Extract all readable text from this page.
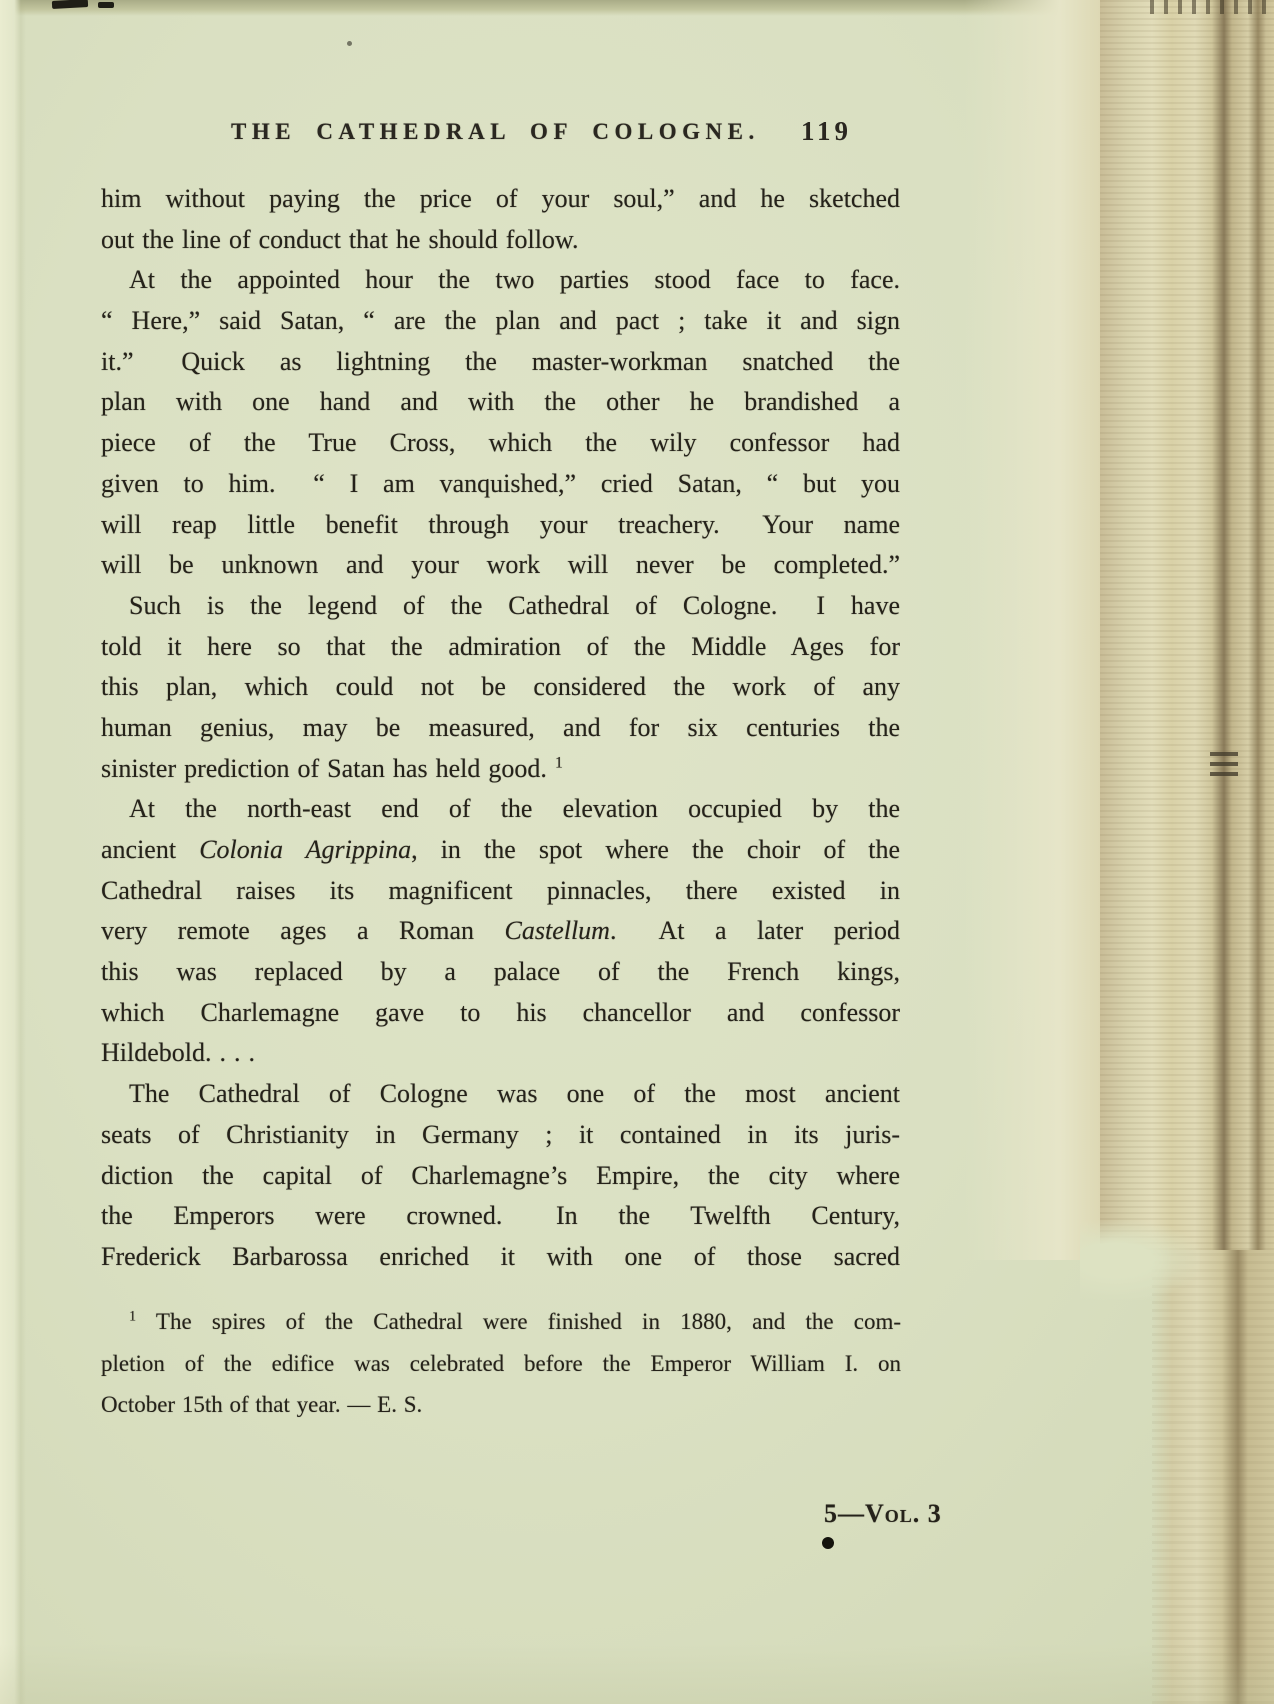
THE CATHEDRAL OF COLOGNE. 119
him without paying the price of your soul,” and he sketched
out the line of conduct that he should follow.
At the appointed hour the two parties stood face to face.
“ Here,” said Satan, “ are the plan and pact ; take it and sign
it.”  Quick as lightning the master-workman snatched the
plan with one hand and with the other he brandished a
piece of the True Cross, which the wily confessor had
given to him.  “ I am vanquished,” cried Satan, “ but you
will reap little benefit through your treachery.  Your name
will be unknown and your work will never be completed.”
Such is the legend of the Cathedral of Cologne.  I have
told it here so that the admiration of the Middle Ages for
this plan, which could not be considered the work of any
human genius, may be measured, and for six centuries the
sinister prediction of Satan has held good. $^1$
At the north-east end of the elevation occupied by the
ancient Colonia Agrippina, in the spot where the choir of the
Cathedral raises its magnificent pinnacles, there existed in
very remote ages a Roman Castellum.  At a later period
this was replaced by a palace of the French kings,
which Charlemagne gave to his chancellor and confessor
Hildebold. . . .
The Cathedral of Cologne was one of the most ancient
seats of Christianity in Germany ; it contained in its juris-
diction the capital of Charlemagne’s Empire, the city where
the Emperors were crowned.  In the Twelfth Century,
Frederick Barbarossa enriched it with one of those sacred
$^1$ The spires of the Cathedral were finished in 1880, and the com-
pletion of the edifice was celebrated before the Emperor William I. on
October 15th of that year. — E. S.
5—Vol. 3
